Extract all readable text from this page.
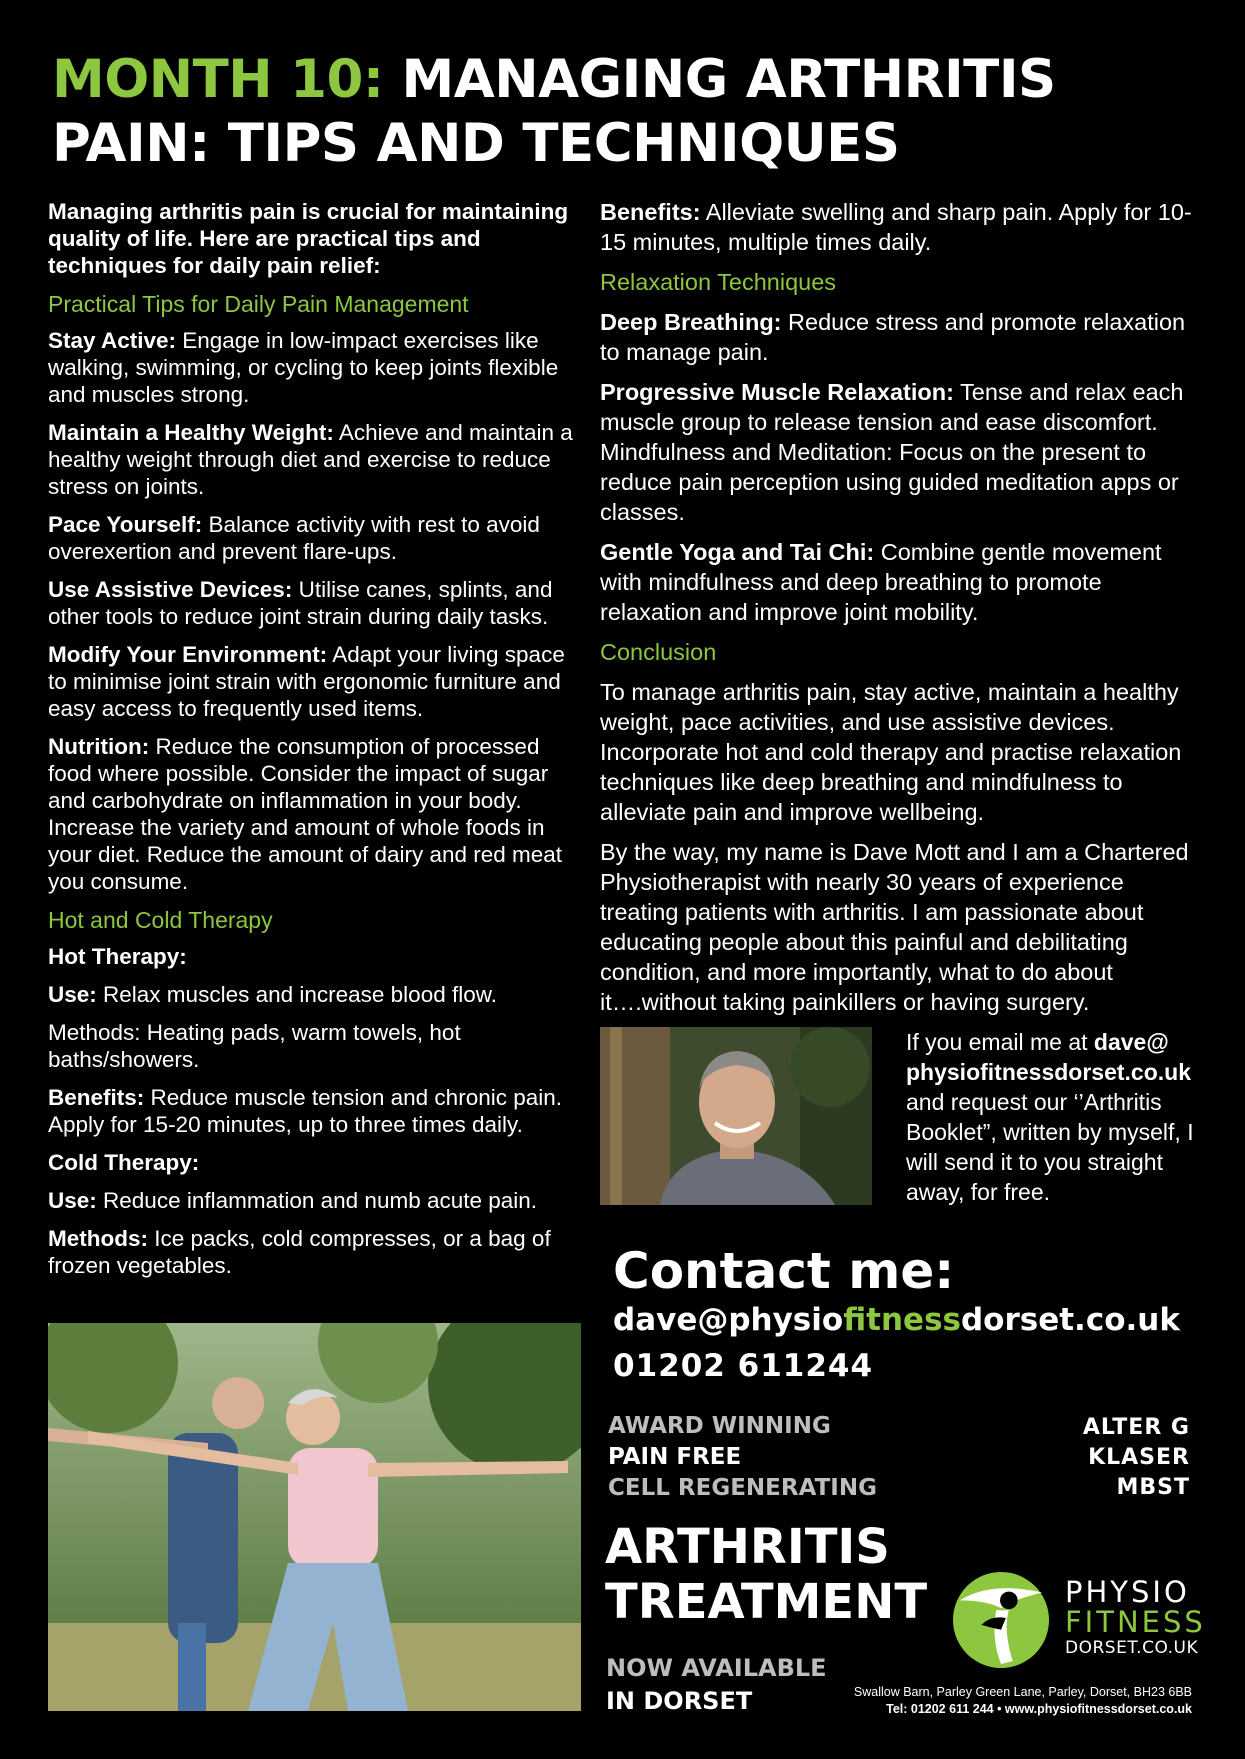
MONTH 10: MANAGING ARTHRITIS PAIN: TIPS AND TECHNIQUES

Managing arthritis pain is crucial for maintaining quality of life. Here are practical tips and techniques for daily pain relief:

Practical Tips for Daily Pain Management

Stay Active: Engage in low-impact exercises like walking, swimming, or cycling to keep joints flexible and muscles strong.

Maintain a Healthy Weight: Achieve and maintain a healthy weight through diet and exercise to reduce stress on joints.

Pace Yourself: Balance activity with rest to avoid overexertion and prevent flare-ups.

Use Assistive Devices: Utilise canes, splints, and other tools to reduce joint strain during daily tasks.

Modify Your Environment: Adapt your living space to minimise joint strain with ergonomic furniture and easy access to frequently used items.

Nutrition: Reduce the consumption of processed food where possible. Consider the impact of sugar and carbohydrate on inflammation in your body. Increase the variety and amount of whole foods in your diet. Reduce the amount of dairy and red meat you consume.

Hot and Cold Therapy

Hot Therapy:

Use: Relax muscles and increase blood flow.

Methods: Heating pads, warm towels, hot baths/showers.

Benefits: Reduce muscle tension and chronic pain. Apply for 15-20 minutes, up to three times daily.

Cold Therapy:

Use: Reduce inflammation and numb acute pain.

Methods: Ice packs, cold compresses, or a bag of frozen vegetables.

Benefits: Alleviate swelling and sharp pain. Apply for 10-15 minutes, multiple times daily.

Relaxation Techniques

Deep Breathing: Reduce stress and promote relaxation to manage pain.

Progressive Muscle Relaxation: Tense and relax each muscle group to release tension and ease discomfort. Mindfulness and Meditation: Focus on the present to reduce pain perception using guided meditation apps or classes.

Gentle Yoga and Tai Chi: Combine gentle movement with mindfulness and deep breathing to promote relaxation and improve joint mobility.

Conclusion

To manage arthritis pain, stay active, maintain a healthy weight, pace activities, and use assistive devices. Incorporate hot and cold therapy and practise relaxation techniques like deep breathing and mindfulness to alleviate pain and improve wellbeing.

By the way, my name is Dave Mott and I am a Chartered Physiotherapist with nearly 30 years of experience treating patients with arthritis. I am passionate about educating people about this painful and debilitating condition, and more importantly, what to do about it….without taking painkillers or having surgery.

If you email me at dave@ physiofitnessdorset.co.uk and request our ‘’Arthritis Booklet”, written by myself, I will send it to you straight away, for free.
Contact me:
dave@physiofitnessdorset.co.uk
01202 611244
AWARD WINNING
PAIN FREE
CELL REGENERATING
ALTER G
KLASER
MBST
ARTHRITIS
TREATMENT
NOW AVAILABLE
IN DORSET
PHYSIO
FITNESS
DORSET.CO.UK
Swallow Barn, Parley Green Lane, Parley, Dorset, BH23 6BB
Tel: 01202 611 244 • www.physiofitnessdorset.co.uk
